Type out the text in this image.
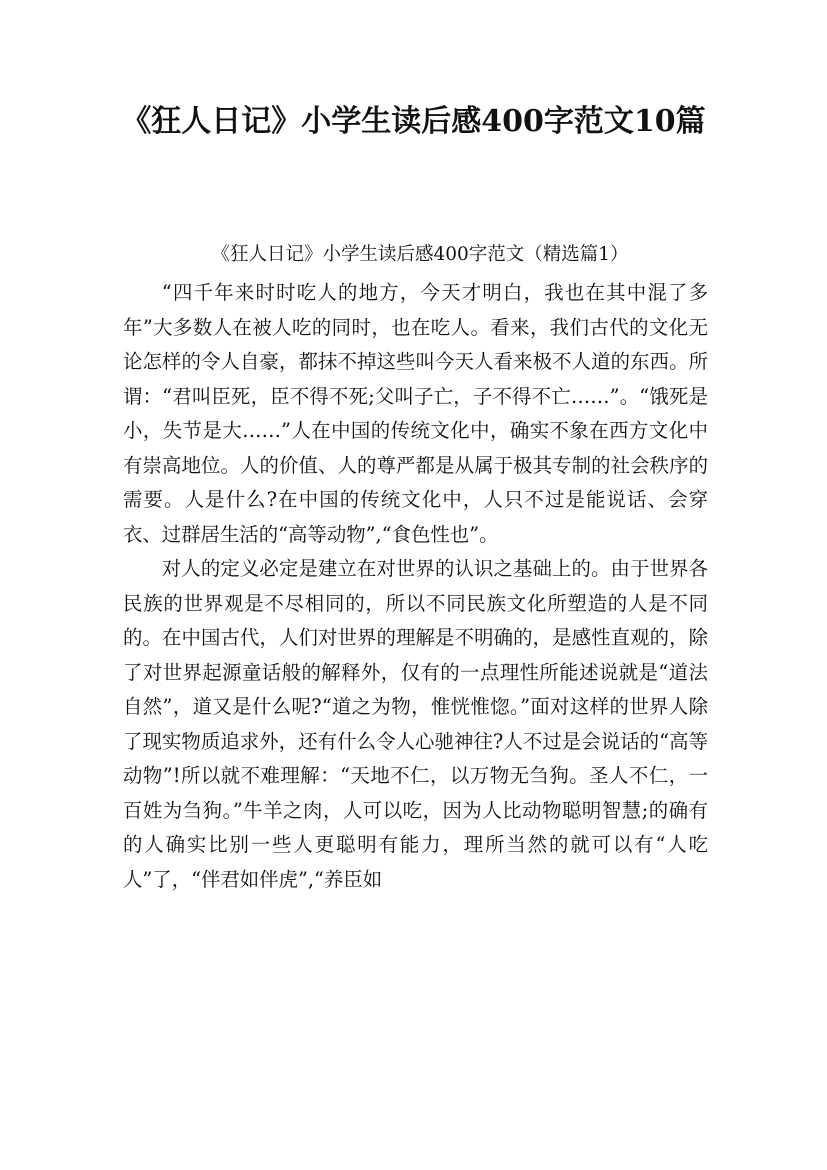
《狂人日记》小学生读后感400字范文10篇
《狂人日记》小学生读后感400字范文（精选篇1）

“四千年来时时吃人的地方，今天才明白，我也在其中混了多年”大多数人在被人吃的同时，也在吃人。看来，我们古代的文化无论怎样的令人自豪，都抹不掉这些叫今天人看来极不人道的东西。所谓：“君叫臣死，臣不得不死;父叫子亡，子不得不亡……”。“饿死是小，失节是大……”人在中国的传统文化中，确实不象在西方文化中有崇高地位。人的价值、人的尊严都是从属于极其专制的社会秩序的需要。人是什么?在中国的传统文化中，人只不过是能说话、会穿衣、过群居生活的“高等动物”,“食色性也”。

对人的定义必定是建立在对世界的认识之基础上的。由于世界各民族的世界观是不尽相同的，所以不同民族文化所塑造的人是不同的。在中国古代，人们对世界的理解是不明确的，是感性直观的，除了对世界起源童话般的解释外，仅有的一点理性所能述说就是“道法自然”，道又是什么呢?“道之为物，惟恍惟惚。”面对这样的世界人除了现实物质追求外，还有什么令人心驰神往?人不过是会说话的“高等动物”!所以就不难理解：“天地不仁，以万物无刍狗。圣人不仁，一百姓为刍狗。”牛羊之肉，人可以吃，因为人比动物聪明智慧;的确有的人确实比别一些人更聪明有能力，理所当然的就可以有“人吃人”了，“伴君如伴虎”,“养臣如
